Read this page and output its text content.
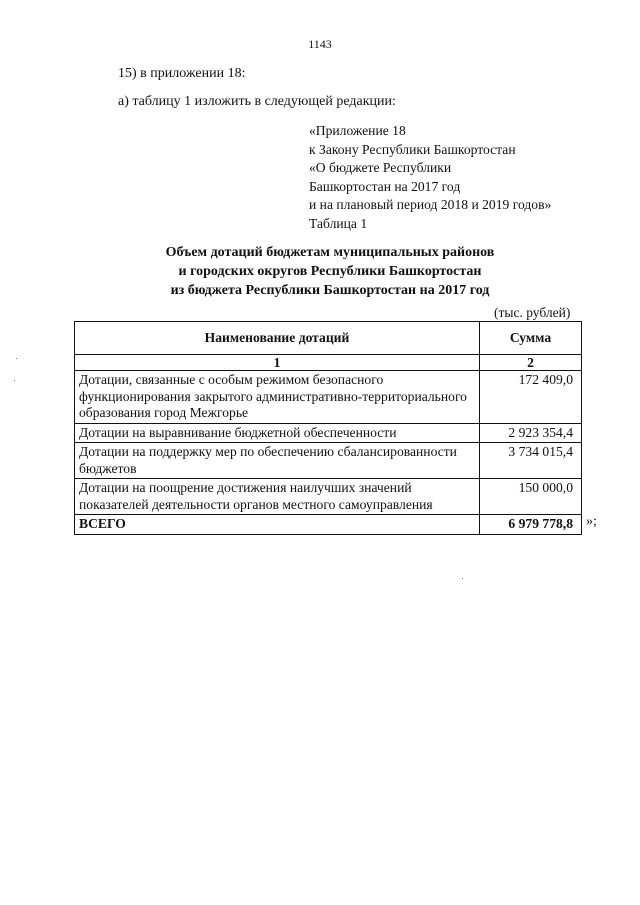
1143
15) в приложении 18:
а) таблицу 1 изложить в следующей редакции:
«Приложение 18
к Закону Республики Башкортостан
«О бюджете Республики
Башкортостан на 2017 год
и на плановый период 2018 и 2019 годов»
Таблица 1
Объем дотаций бюджетам муниципальных районов
и городских округов Республики Башкортостан
из бюджета Республики Башкортостан на 2017 год
(тыс. рублей)
Наименование дотаций	Сумма
1	2
Дотации, связанные с особым режимом безопасного функционирования закрытого административно-территориального образования город Межгорье	172 409,0
Дотации на выравнивание бюджетной обеспеченности	2 923 354,4
Дотации на поддержку мер по обеспечению сбалансированности бюджетов	3 734 015,4
Дотации на поощрение достижения наилучших значений показателей деятельности органов местного самоуправления	150 000,0
ВСЕГО	6 979 778,8 »;
